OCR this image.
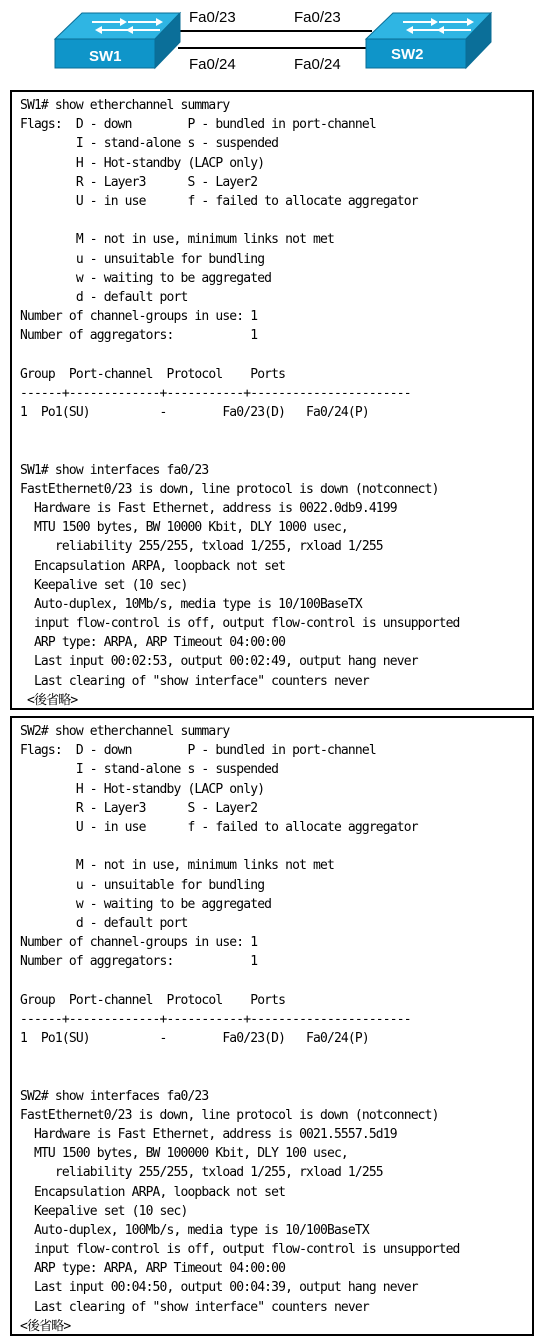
SW1	SW2
Fa0/23	Fa0/23
Fa0/24	Fa0/24
SW1# show etherchannel summary
Flags:  D - down        P - bundled in port-channel
I - stand-alone s - suspended
H - Hot-standby (LACP only)
R - Layer3      S - Layer2
U - in use      f - failed to allocate aggregator
M - not in use, minimum links not met
u - unsuitable for bundling
w - waiting to be aggregated
d - default port
Number of channel-groups in use: 1
Number of aggregators:           1
Group  Port-channel  Protocol    Ports
------+-------------+-----------+-----------------------
1  Po1(SU)          -        Fa0/23(D)   Fa0/24(P)
SW1# show interfaces fa0/23
FastEthernet0/23 is down, line protocol is down (notconnect)
Hardware is Fast Ethernet, address is 0022.0db9.4199
MTU 1500 bytes, BW 10000 Kbit, DLY 1000 usec,
reliability 255/255, txload 1/255, rxload 1/255
Encapsulation ARPA, loopback not set
Keepalive set (10 sec)
Auto-duplex, 10Mb/s, media type is 10/100BaseTX
input flow-control is off, output flow-control is unsupported
ARP type: ARPA, ARP Timeout 04:00:00
Last input 00:02:53, output 00:02:49, output hang never
Last clearing of "show interface" counters never
<後省略>
SW2# show etherchannel summary
Flags:  D - down        P - bundled in port-channel
I - stand-alone s - suspended
H - Hot-standby (LACP only)
R - Layer3      S - Layer2
U - in use      f - failed to allocate aggregator
M - not in use, minimum links not met
u - unsuitable for bundling
w - waiting to be aggregated
d - default port
Number of channel-groups in use: 1
Number of aggregators:           1
Group  Port-channel  Protocol    Ports
------+-------------+-----------+-----------------------
1  Po1(SU)          -        Fa0/23(D)   Fa0/24(P)
SW2# show interfaces fa0/23
FastEthernet0/23 is down, line protocol is down (notconnect)
Hardware is Fast Ethernet, address is 0021.5557.5d19
MTU 1500 bytes, BW 100000 Kbit, DLY 100 usec,
reliability 255/255, txload 1/255, rxload 1/255
Encapsulation ARPA, loopback not set
Keepalive set (10 sec)
Auto-duplex, 100Mb/s, media type is 10/100BaseTX
input flow-control is off, output flow-control is unsupported
ARP type: ARPA, ARP Timeout 04:00:00
Last input 00:04:50, output 00:04:39, output hang never
Last clearing of "show interface" counters never
<後省略>
